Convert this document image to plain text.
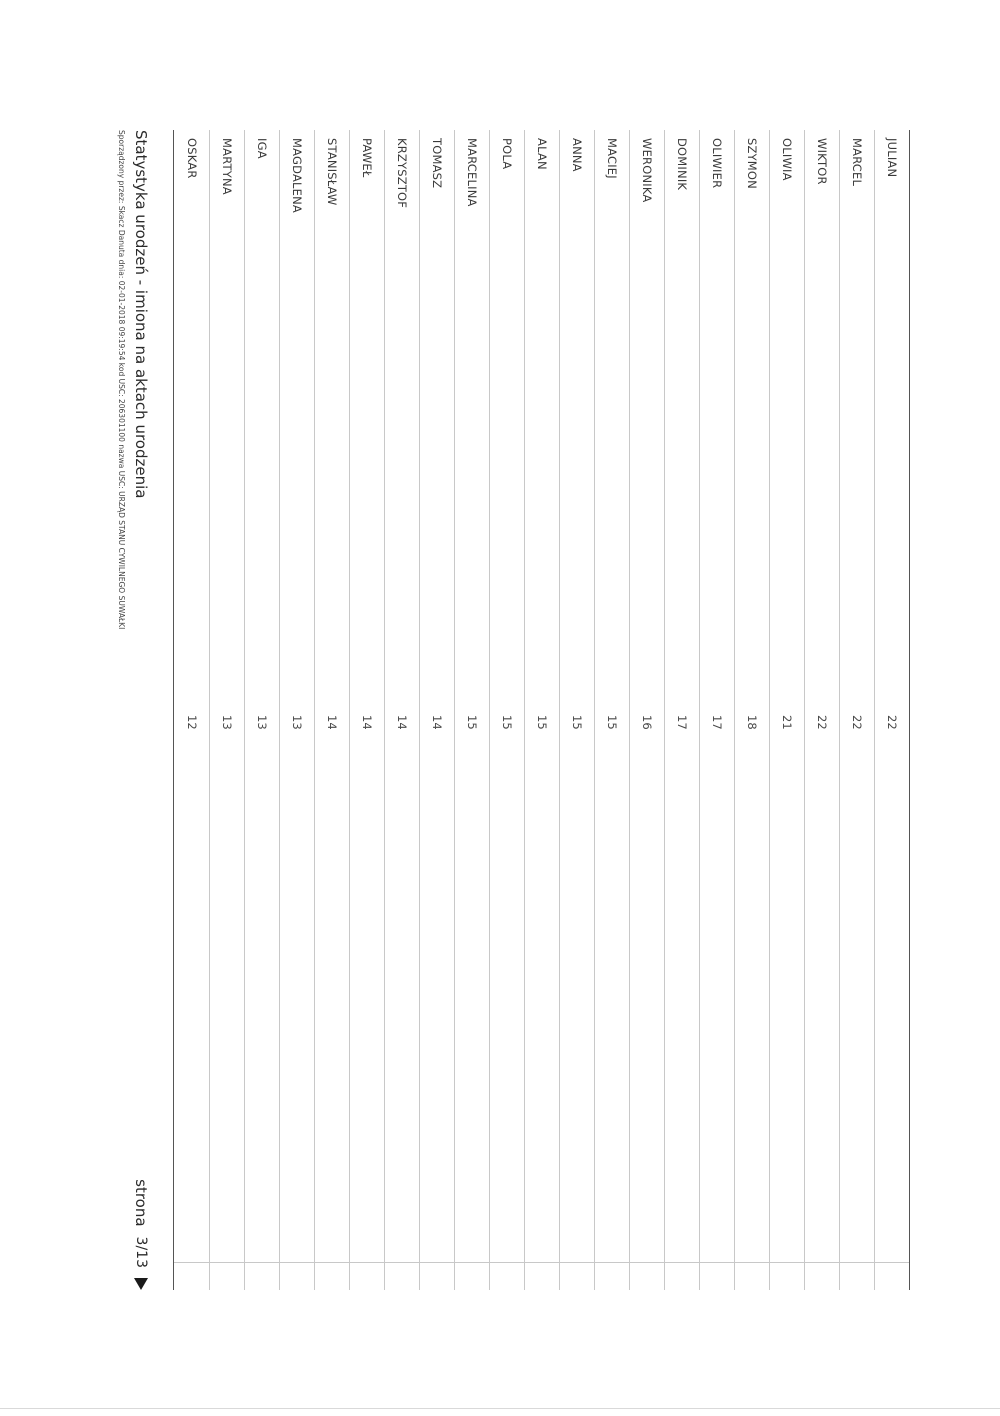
JULIAN
22
MARCEL
22
WIKTOR
22
OLIWIA
21
SZYMON
18
OLIWIER
17
DOMINIK
17
WERONIKA
16
MACIEJ
15
ANNA
15
ALAN
15
POLA
15
MARCELINA
15
TOMASZ
14
KRZYSZTOF
14
PAWEŁ
14
STANISŁAW
14
MAGDALENA
13
IGA
13
MARTYNA
13
OSKAR
12
Statystyka urodzeń - imiona na aktach urodzenia
Sporządzony przez: Skacz Danuta dnia: 02-01-2018 09:19:54 kod USC: 206301100 nazwa USC: URZĄD STANU CYWILNEGO SUWAŁKI
strona
3/13
